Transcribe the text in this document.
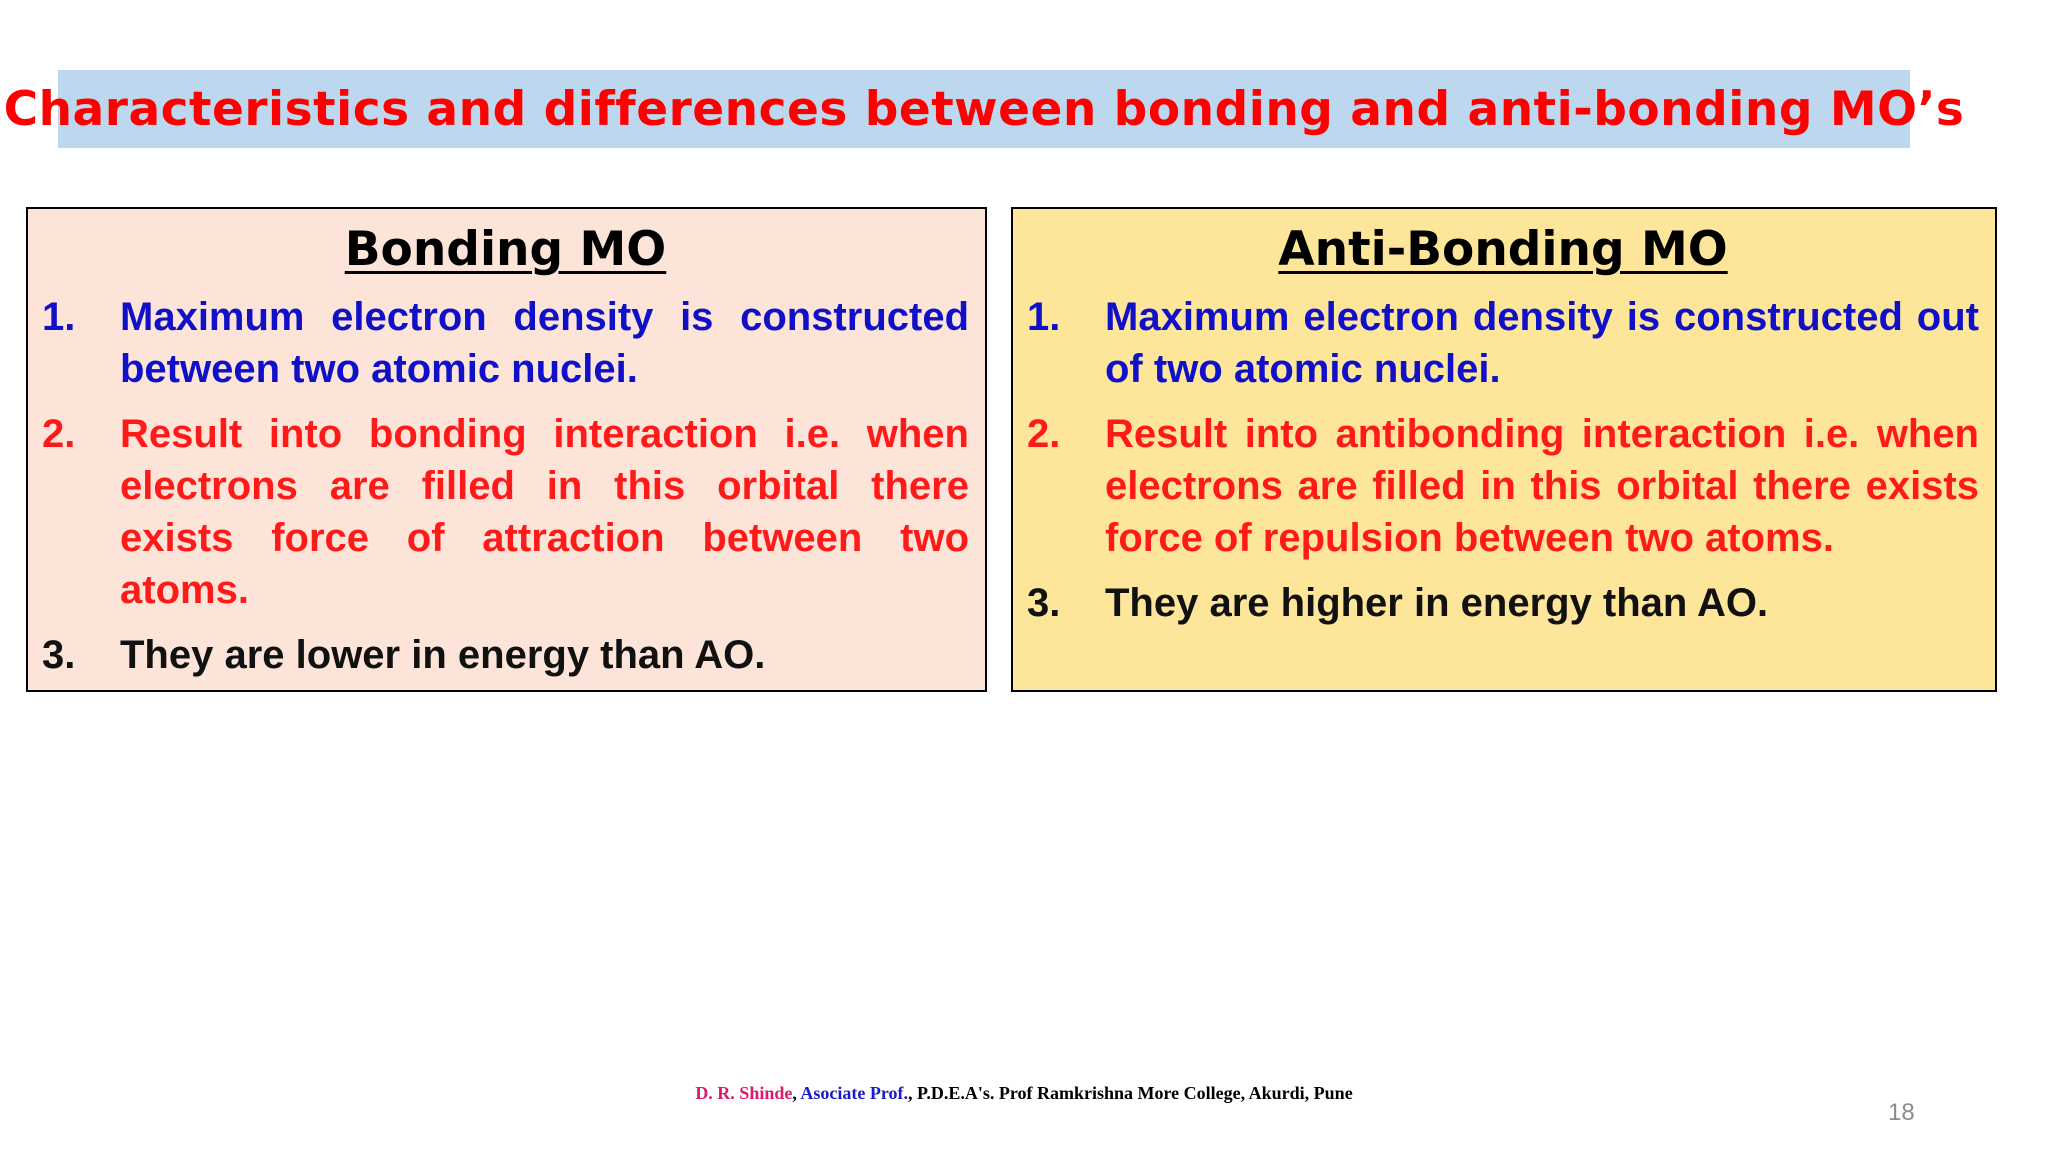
Characteristics and differences between bonding and anti-bonding MO’s
Bonding MO
1.	Maximum electron density is constructed between two atomic nuclei.
2.	Result into bonding interaction i.e. when electrons are filled in this orbital there exists force of attraction between two atoms.
3.	They are lower in energy than AO.
Anti-Bonding MO
1.	Maximum electron density is constructed out of two atomic nuclei.
2.	Result into antibonding interaction i.e. when electrons are filled in this orbital there exists force of repulsion between two atoms.
3.	They are higher in energy than AO.
D. R. Shinde, Asociate Prof., P.D.E.A's. Prof Ramkrishna More College, Akurdi, Pune
18
